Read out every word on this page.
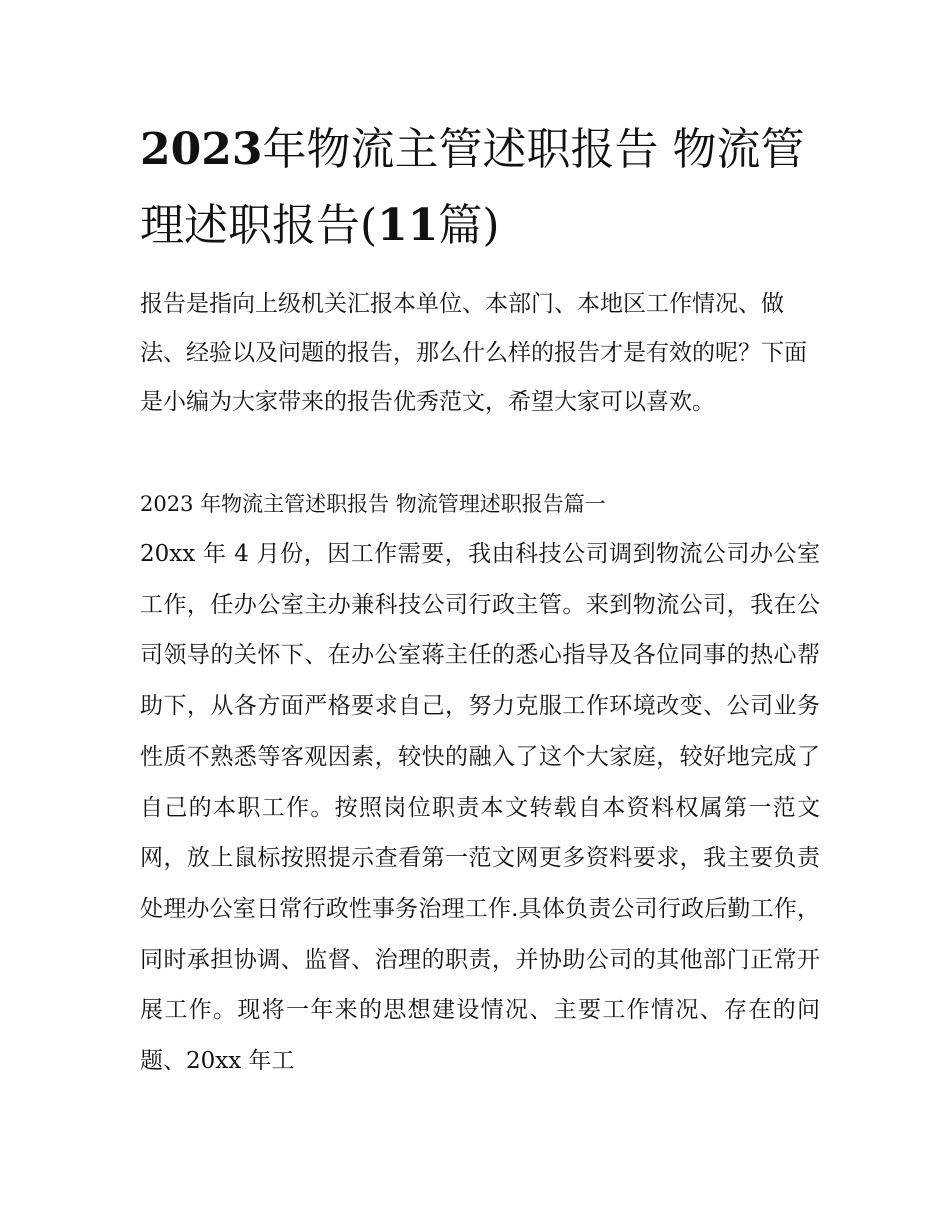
2023年物流主管述职报告 物流管理述职报告(11篇)

报告是指向上级机关汇报本单位、本部门、本地区工作情况、做法、经验以及问题的报告，那么什么样的报告才是有效的呢？下面是小编为大家带来的报告优秀范文，希望大家可以喜欢。

2023 年物流主管述职报告 物流管理述职报告篇一

20xx 年 4 月份，因工作需要，我由科技公司调到物流公司办公室工作，任办公室主办兼科技公司行政主管。来到物流公司，我在公司领导的关怀下、在办公室蒋主任的悉心指导及各位同事的热心帮助下，从各方面严格要求自己，努力克服工作环境改变、公司业务性质不熟悉等客观因素，较快的融入了这个大家庭，较好地完成了自己的本职工作。按照岗位职责本文转载自本资料权属第一范文网，放上鼠标按照提示查看第一范文网更多资料要求，我主要负责处理办公室日常行政性事务治理工作.具体负责公司行政后勤工作，同时承担协调、监督、治理的职责，并协助公司的其他部门正常开展工作。现将一年来的思想建设情况、主要工作情况、存在的问题、20xx 年工
